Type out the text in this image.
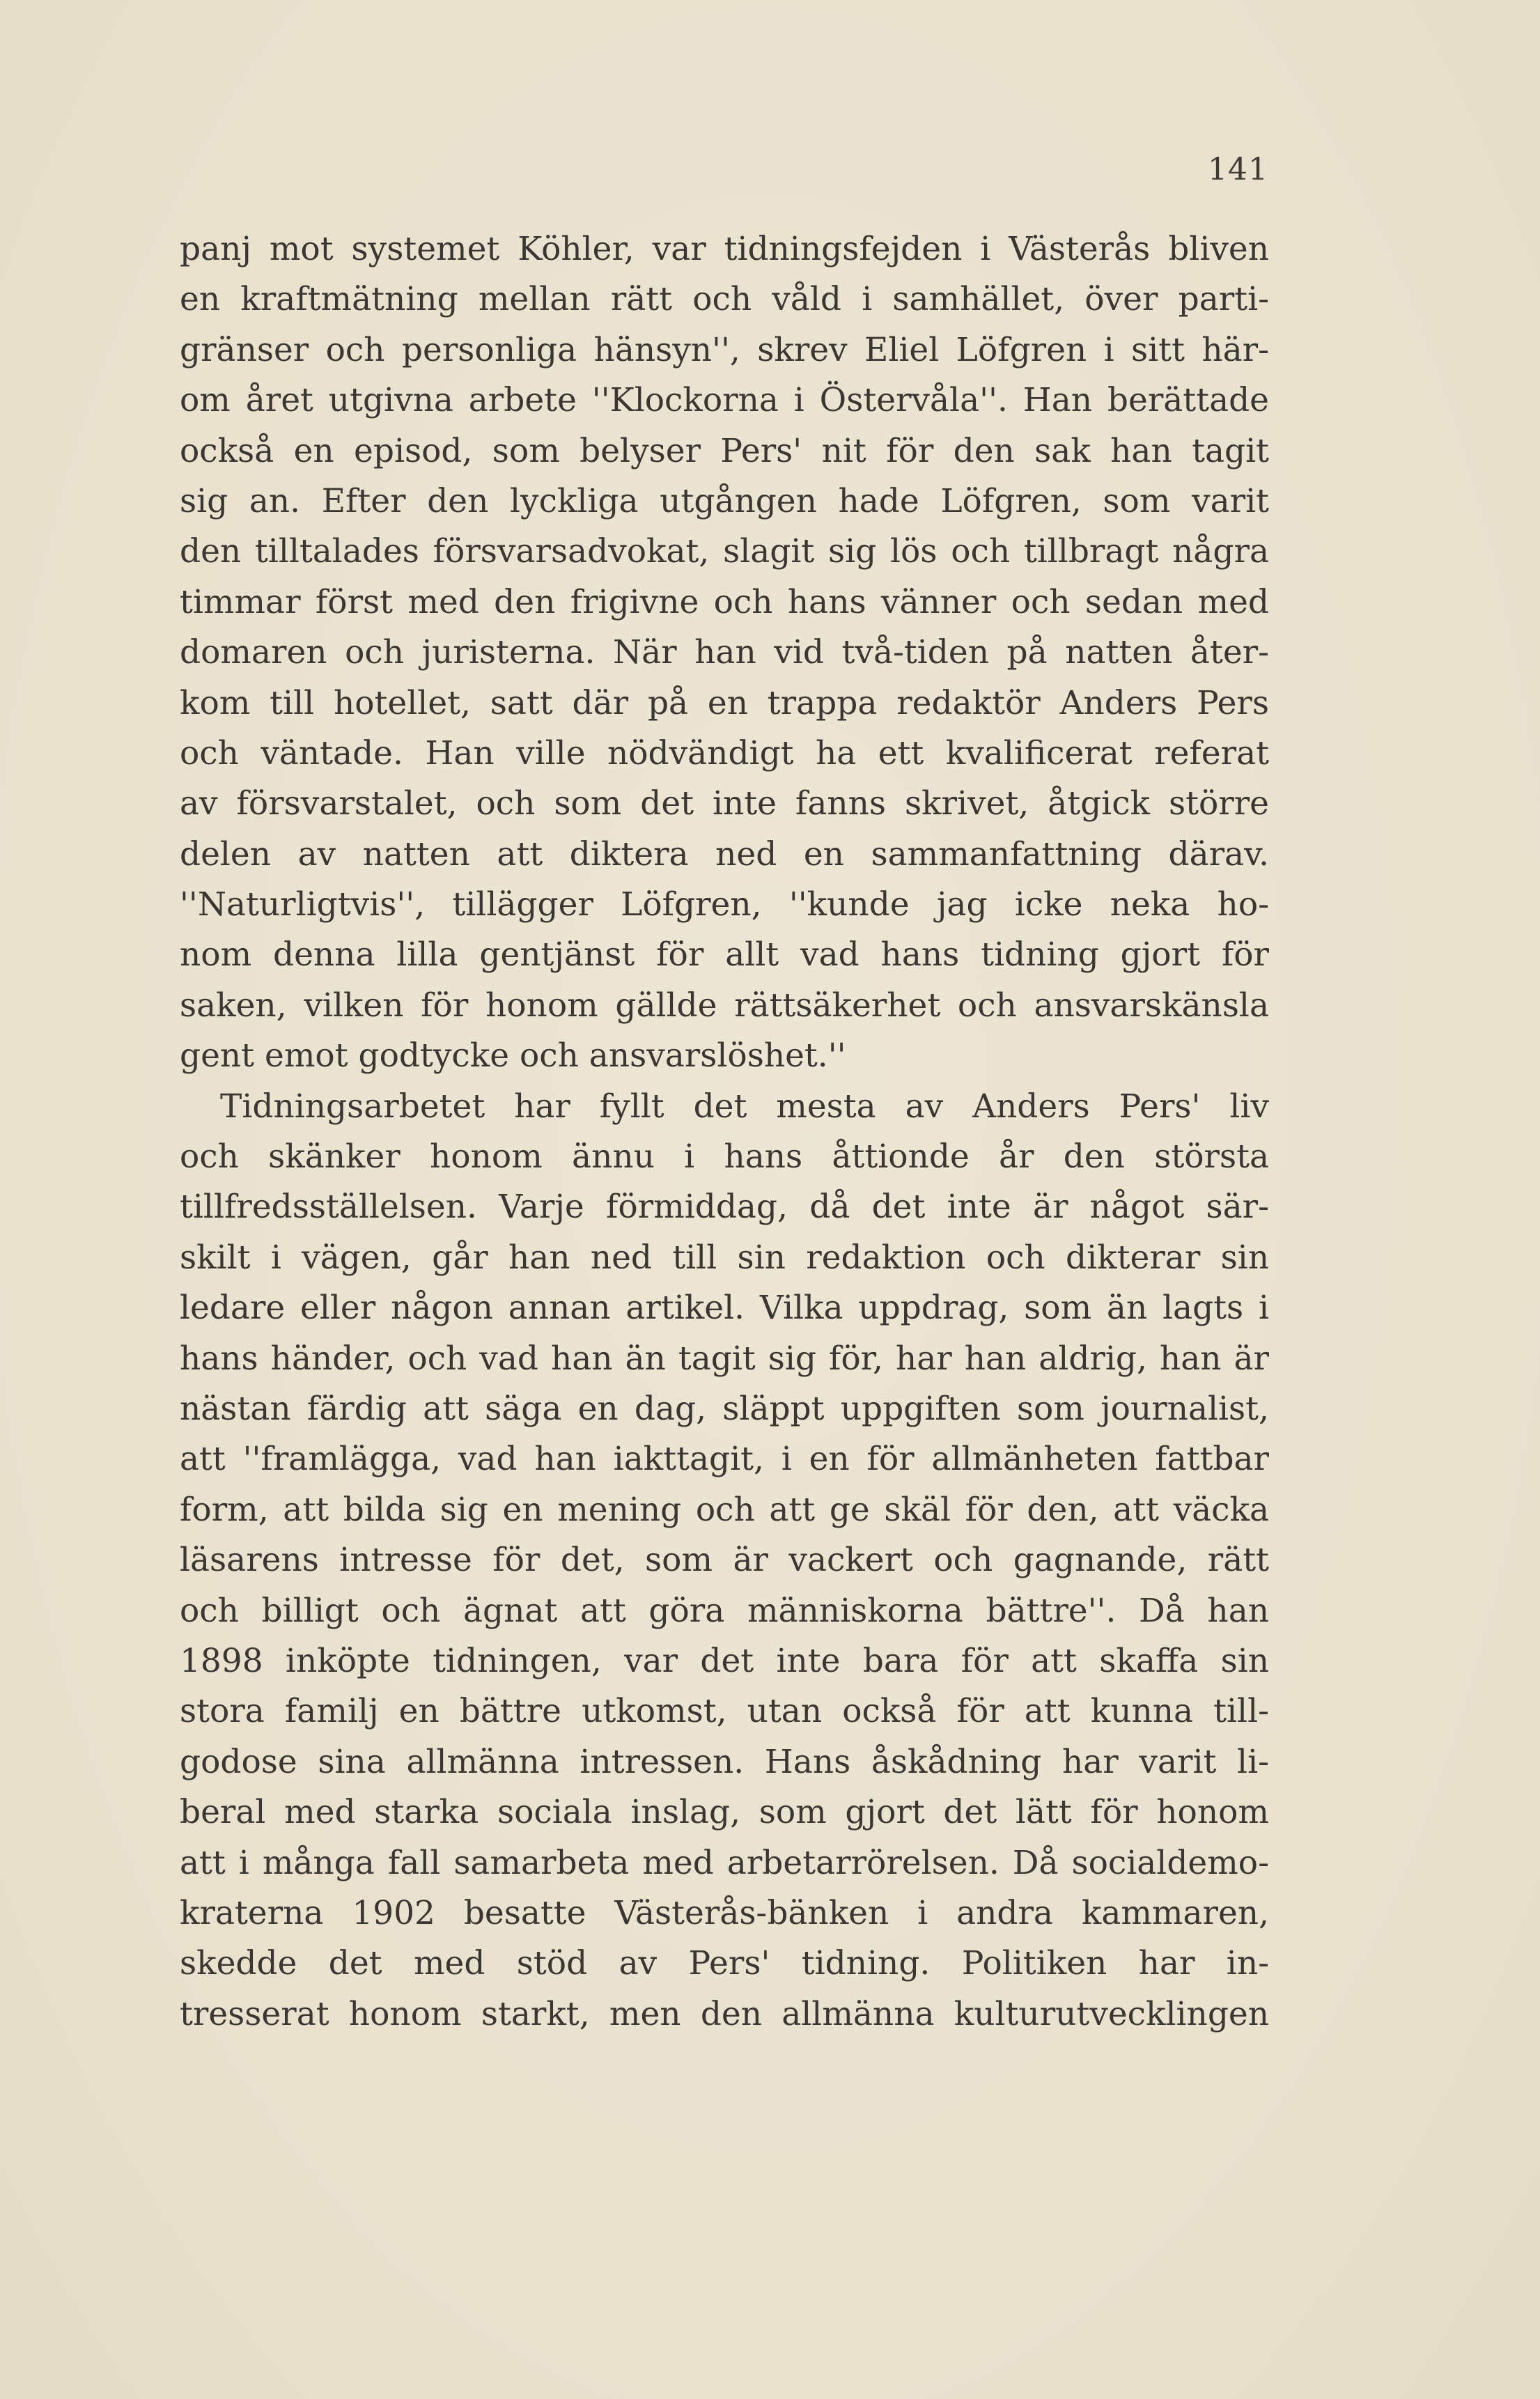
141
panj mot systemet Köhler, var tidningsfejden i Västerås bliven
en kraftmätning mellan rätt och våld i samhället, över parti-
gränser och personliga hänsyn'', skrev Eliel Löfgren i sitt här-
om året utgivna arbete ''Klockorna i Östervåla''. Han berättade
också en episod, som belyser Pers' nit för den sak han tagit
sig an. Efter den lyckliga utgången hade Löfgren, som varit
den tilltalades försvarsadvokat, slagit sig lös och tillbragt några
timmar först med den frigivne och hans vänner och sedan med
domaren och juristerna. När han vid två-tiden på natten åter-
kom till hotellet, satt där på en trappa redaktör Anders Pers
och väntade. Han ville nödvändigt ha ett kvalificerat referat
av försvarstalet, och som det inte fanns skrivet, åtgick större
delen av natten att diktera ned en sammanfattning därav.
''Naturligtvis'', tillägger Löfgren, ''kunde jag icke neka ho-
nom denna lilla gentjänst för allt vad hans tidning gjort för
saken, vilken för honom gällde rättsäkerhet och ansvarskänsla
gent emot godtycke och ansvarslöshet.''
Tidningsarbetet har fyllt det mesta av Anders Pers' liv
och skänker honom ännu i hans åttionde år den största
tillfredsställelsen. Varje förmiddag, då det inte är något sär-
skilt i vägen, går han ned till sin redaktion och dikterar sin
ledare eller någon annan artikel. Vilka uppdrag, som än lagts i
hans händer, och vad han än tagit sig för, har han aldrig, han är
nästan färdig att säga en dag, släppt uppgiften som journalist,
att ''framlägga, vad han iakttagit, i en för allmänheten fattbar
form, att bilda sig en mening och att ge skäl för den, att väcka
läsarens intresse för det, som är vackert och gagnande, rätt
och billigt och ägnat att göra människorna bättre''. Då han
1898 inköpte tidningen, var det inte bara för att skaffa sin
stora familj en bättre utkomst, utan också för att kunna till-
godose sina allmänna intressen. Hans åskådning har varit li-
beral med starka sociala inslag, som gjort det lätt för honom
att i många fall samarbeta med arbetarrörelsen. Då socialdemo-
kraterna 1902 besatte Västerås-bänken i andra kammaren,
skedde det med stöd av Pers' tidning. Politiken har in-
tresserat honom starkt, men den allmänna kulturutvecklingen
